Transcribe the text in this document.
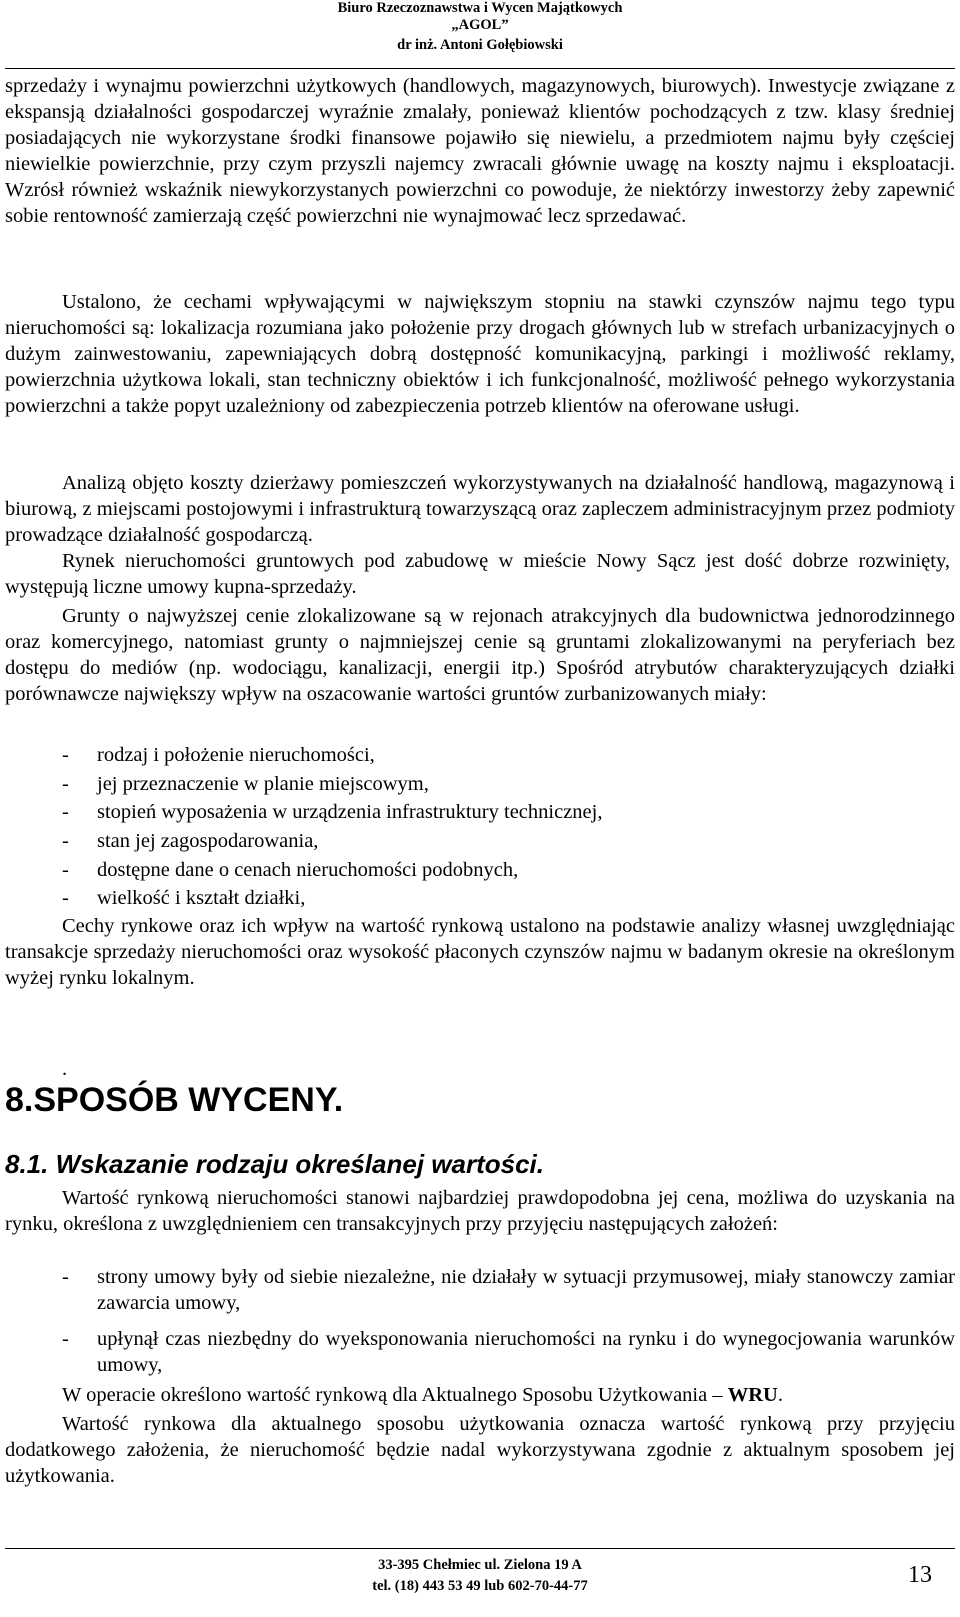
Biuro Rzeczoznawstwa i Wycen Majątkowych
„AGOL”
dr inż. Antoni Gołębiowski

sprzedaży i wynajmu powierzchni użytkowych (handlowych, magazynowych, biurowych). Inwestycje związane z ekspansją działalności gospodarczej wyraźnie zmalały, ponieważ klientów pochodzących z tzw. klasy średniej posiadających nie wykorzystane środki finansowe pojawiło się niewielu, a przedmiotem najmu były częściej niewielkie powierzchnie, przy czym przyszli najemcy zwracali głównie uwagę na koszty najmu i eksploatacji. Wzrósł również wskaźnik niewykorzystanych powierzchni co powoduje, że niektórzy inwestorzy żeby zapewnić sobie rentowność zamierzają część powierzchni nie wynajmować lecz sprzedawać.

Ustalono, że cechami wpływającymi w największym stopniu na stawki czynszów najmu tego typu nieruchomości są: lokalizacja rozumiana jako położenie przy drogach głównych lub w strefach urbanizacyjnych o dużym zainwestowaniu, zapewniających dobrą dostępność komunikacyjną, parkingi i możliwość reklamy, powierzchnia użytkowa lokali, stan techniczny obiektów i ich funkcjonalność, możliwość pełnego wykorzystania powierzchni a także popyt uzależniony od zabezpieczenia potrzeb klientów na oferowane usługi.

Analizą objęto koszty dzierżawy pomieszczeń wykorzystywanych na działalność handlową, magazynową i biurową, z miejscami postojowymi i infrastrukturą towarzyszącą oraz zapleczem administracyjnym przez podmioty prowadzące działalność gospodarczą.

Rynek nieruchomości gruntowych pod zabudowę w mieście Nowy Sącz jest dość dobrze rozwinięty, występują liczne umowy kupna-sprzedaży.

Grunty o najwyższej cenie zlokalizowane są w rejonach atrakcyjnych dla budownictwa jednorodzinnego oraz komercyjnego, natomiast grunty o najmniejszej cenie są gruntami zlokalizowanymi na peryferiach bez dostępu do mediów (np. wodociągu, kanalizacji, energii itp.) Spośród atrybutów charakteryzujących działki porównawcze największy wpływ na oszacowanie wartości gruntów zurbanizowanych miały:

- rodzaj i położenie nieruchomości,
- jej przeznaczenie w planie miejscowym,
- stopień wyposażenia w urządzenia infrastruktury technicznej,
- stan jej zagospodarowania,
- dostępne dane o cenach nieruchomości podobnych,
- wielkość i kształt działki,

Cechy rynkowe oraz ich wpływ na wartość rynkową ustalono na podstawie analizy własnej uwzględniając transakcje sprzedaży nieruchomości oraz wysokość płaconych czynszów najmu w badanym okresie na określonym wyżej rynku lokalnym.

.
8.SPOSÓB WYCENY.
8.1. Wskazanie rodzaju określanej wartości.

Wartość rynkową nieruchomości stanowi najbardziej prawdopodobna jej cena, możliwa do uzyskania na rynku, określona z uwzględnieniem cen transakcyjnych przy przyjęciu następujących założeń:

- strony umowy były od siebie niezależne, nie działały w sytuacji przymusowej, miały stanowczy zamiar zawarcia umowy,
- upłynął czas niezbędny do wyeksponowania nieruchomości na rynku i do wynegocjowania warunków umowy,

W operacie określono wartość rynkową dla Aktualnego Sposobu Użytkowania – WRU.

Wartość rynkowa dla aktualnego sposobu użytkowania oznacza wartość rynkową przy przyjęciu dodatkowego założenia, że nieruchomość będzie nadal wykorzystywana zgodnie z aktualnym sposobem jej użytkowania.

33-395 Chełmiec ul. Zielona 19 A
tel. (18) 443 53 49 lub 602-70-44-77	13
